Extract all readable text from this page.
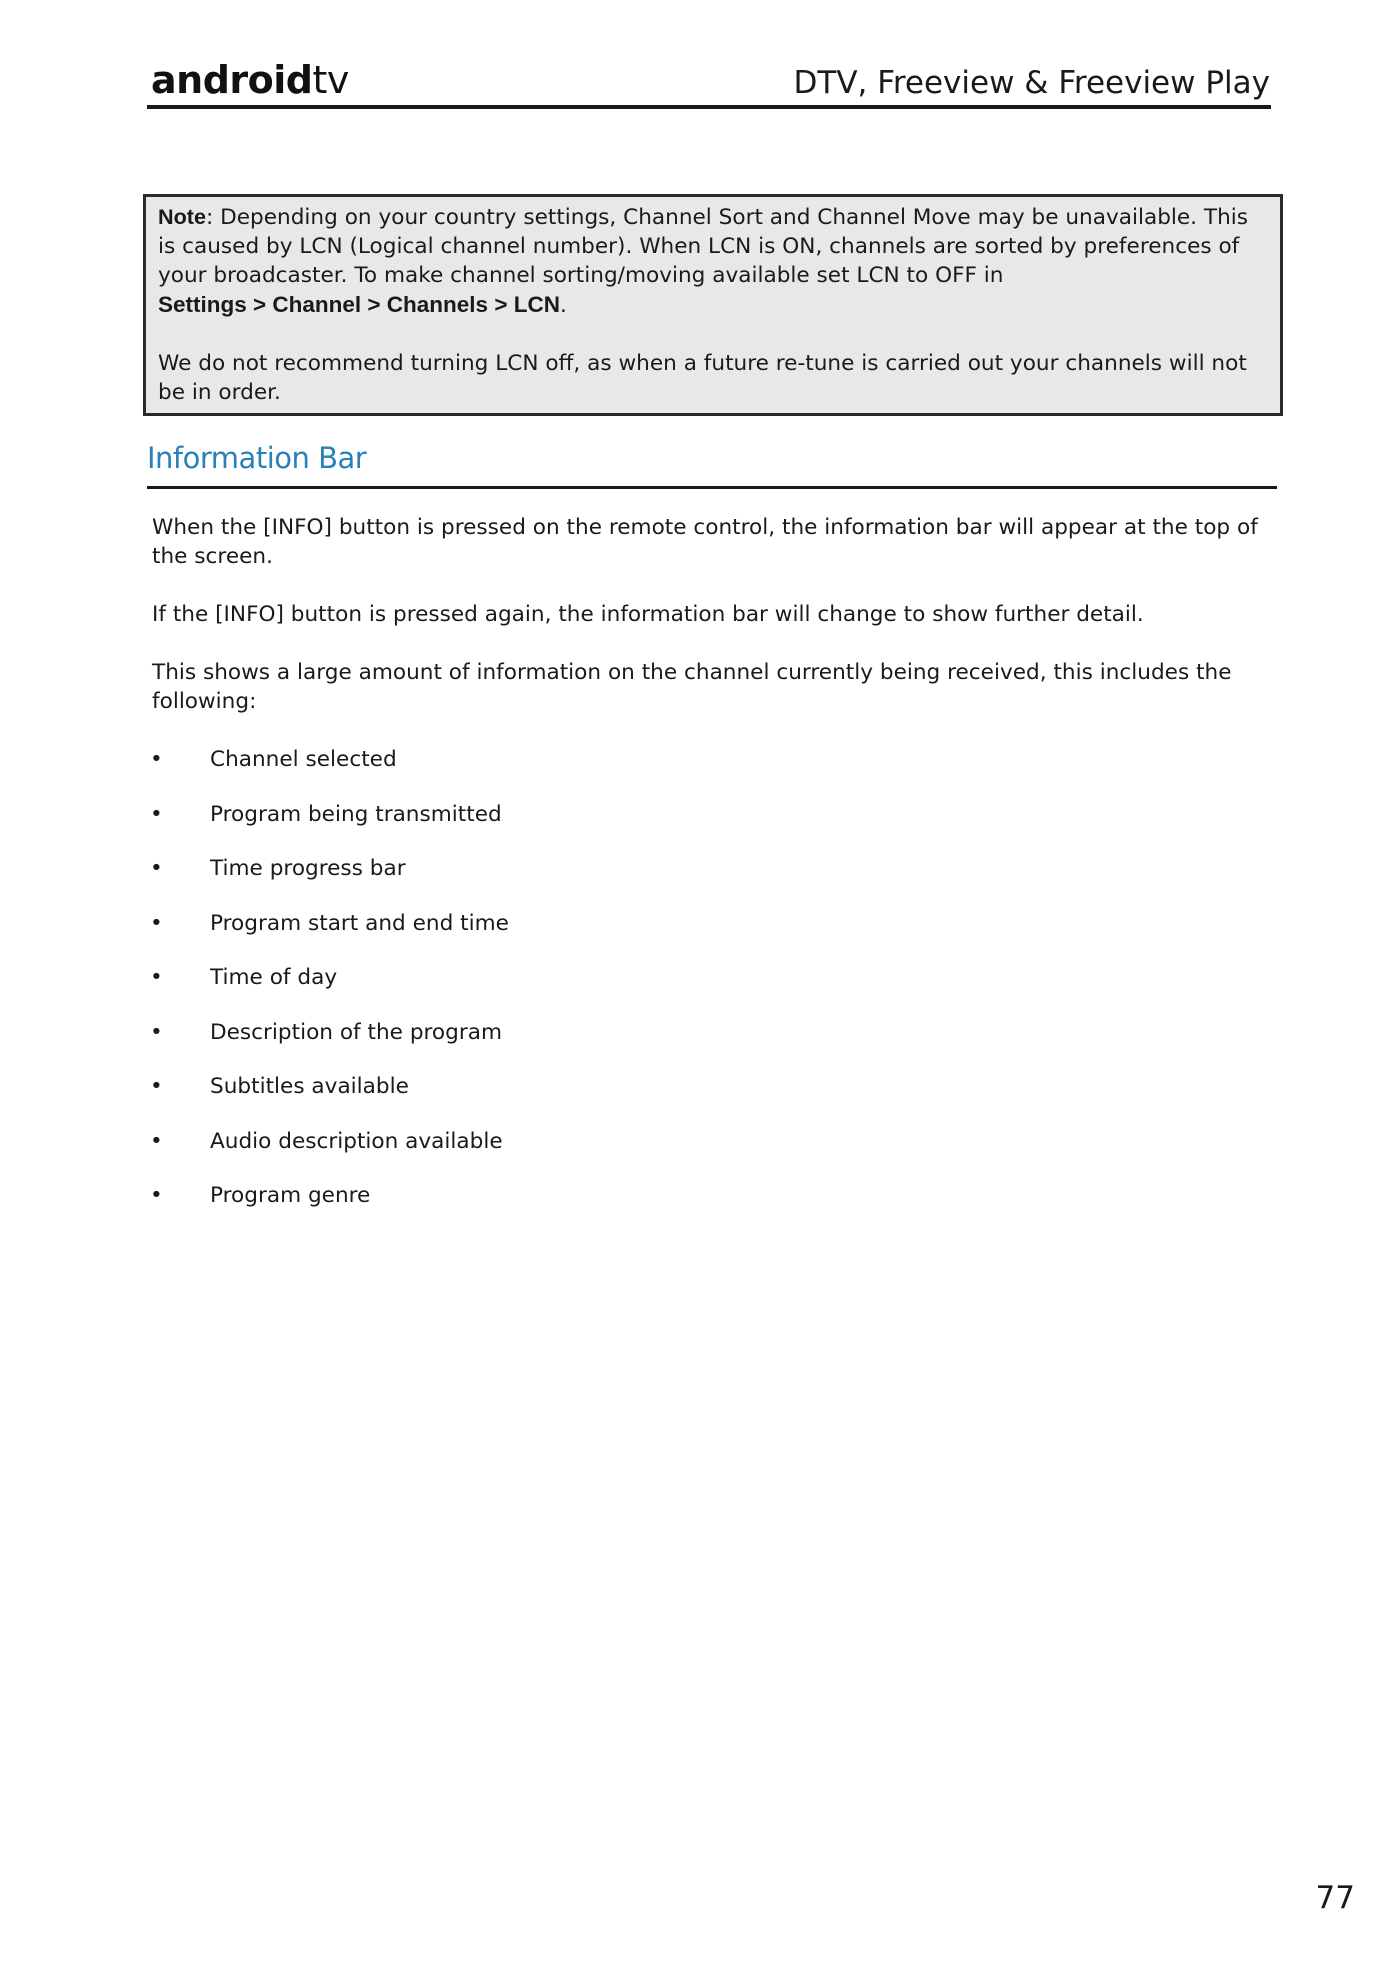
androidtv	DTV, Freeview & Freeview Play

Note: Depending on your country settings, Channel Sort and Channel Move may be unavailable. This is caused by LCN (Logical channel number). When LCN is ON, channels are sorted by preferences of your broadcaster. To make channel sorting/moving available set LCN to OFF in
Settings > Channel > Channels > LCN.

We do not recommend turning LCN off, as when a future re-tune is carried out your channels will not be in order.

Information Bar

When the [INFO] button is pressed on the remote control, the information bar will appear at the top of the screen.

If the [INFO] button is pressed again, the information bar will change to show further detail.

This shows a large amount of information on the channel currently being received, this includes the following:

• Channel selected
• Program being transmitted
• Time progress bar
• Program start and end time
• Time of day
• Description of the program
• Subtitles available
• Audio description available
• Program genre
77
